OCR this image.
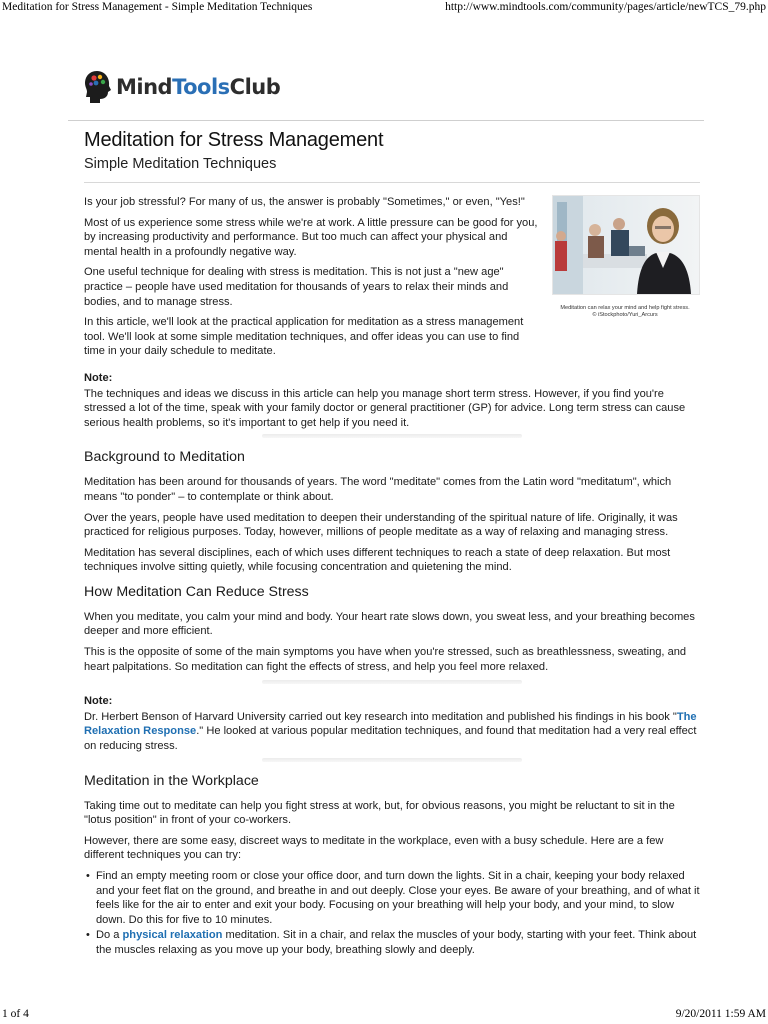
Meditation for Stress Management - Simple Meditation Techniques	http://www.mindtools.com/community/pages/article/newTCS_79.php
MindToolsClub
Meditation for Stress Management
Simple Meditation Techniques

Is your job stressful? For many of us, the answer is probably "Sometimes," or even, "Yes!"

Most of us experience some stress while we're at work. A little pressure can be good for you, by increasing productivity and performance. But too much can affect your physical and mental health in a profoundly negative way.

One useful technique for dealing with stress is meditation. This is not just a "new age" practice – people have used meditation for thousands of years to relax their minds and bodies, and to manage stress.

In this article, we'll look at the practical application for meditation as a stress management tool. We'll look at some simple meditation techniques, and offer ideas you can use to find time in your daily schedule to meditate.

Meditation can relax your mind and help fight stress.
© iStockphoto/Yuri_Arcurs
Note:
The techniques and ideas we discuss in this article can help you manage short term stress. However, if you find you're stressed a lot of the time, speak with your family doctor or general practitioner (GP) for advice. Long term stress can cause serious health problems, so it's important to get help if you need it.
Background to Meditation

Meditation has been around for thousands of years. The word "meditate" comes from the Latin word "meditatum", which means "to ponder" – to contemplate or think about.

Over the years, people have used meditation to deepen their understanding of the spiritual nature of life. Originally, it was practiced for religious purposes. Today, however, millions of people meditate as a way of relaxing and managing stress.

Meditation has several disciplines, each of which uses different techniques to reach a state of deep relaxation. But most techniques involve sitting quietly, while focusing concentration and quietening the mind.

How Meditation Can Reduce Stress

When you meditate, you calm your mind and body. Your heart rate slows down, you sweat less, and your breathing becomes deeper and more efficient.

This is the opposite of some of the main symptoms you have when you're stressed, such as breathlessness, sweating, and heart palpitations. So meditation can fight the effects of stress, and help you feel more relaxed.

Note:
Dr. Herbert Benson of Harvard University carried out key research into meditation and published his findings in his book "The Relaxation Response." He looked at various popular meditation techniques, and found that meditation had a very real effect on reducing stress.
Meditation in the Workplace

Taking time out to meditate can help you fight stress at work, but, for obvious reasons, you might be reluctant to sit in the "lotus position" in front of your co-workers.

However, there are some easy, discreet ways to meditate in the workplace, even with a busy schedule. Here are a few different techniques you can try:

• Find an empty meeting room or close your office door, and turn down the lights. Sit in a chair, keeping your body relaxed and your feet flat on the ground, and breathe in and out deeply. Close your eyes. Be aware of your breathing, and of what it feels like for the air to enter and exit your body. Focusing on your breathing will help your body, and your mind, to slow down. Do this for five to 10 minutes.
• Do a physical relaxation meditation. Sit in a chair, and relax the muscles of your body, starting with your feet. Think about the muscles relaxing as you move up your body, breathing slowly and deeply.
1 of 4	9/20/2011 1:59 AM
